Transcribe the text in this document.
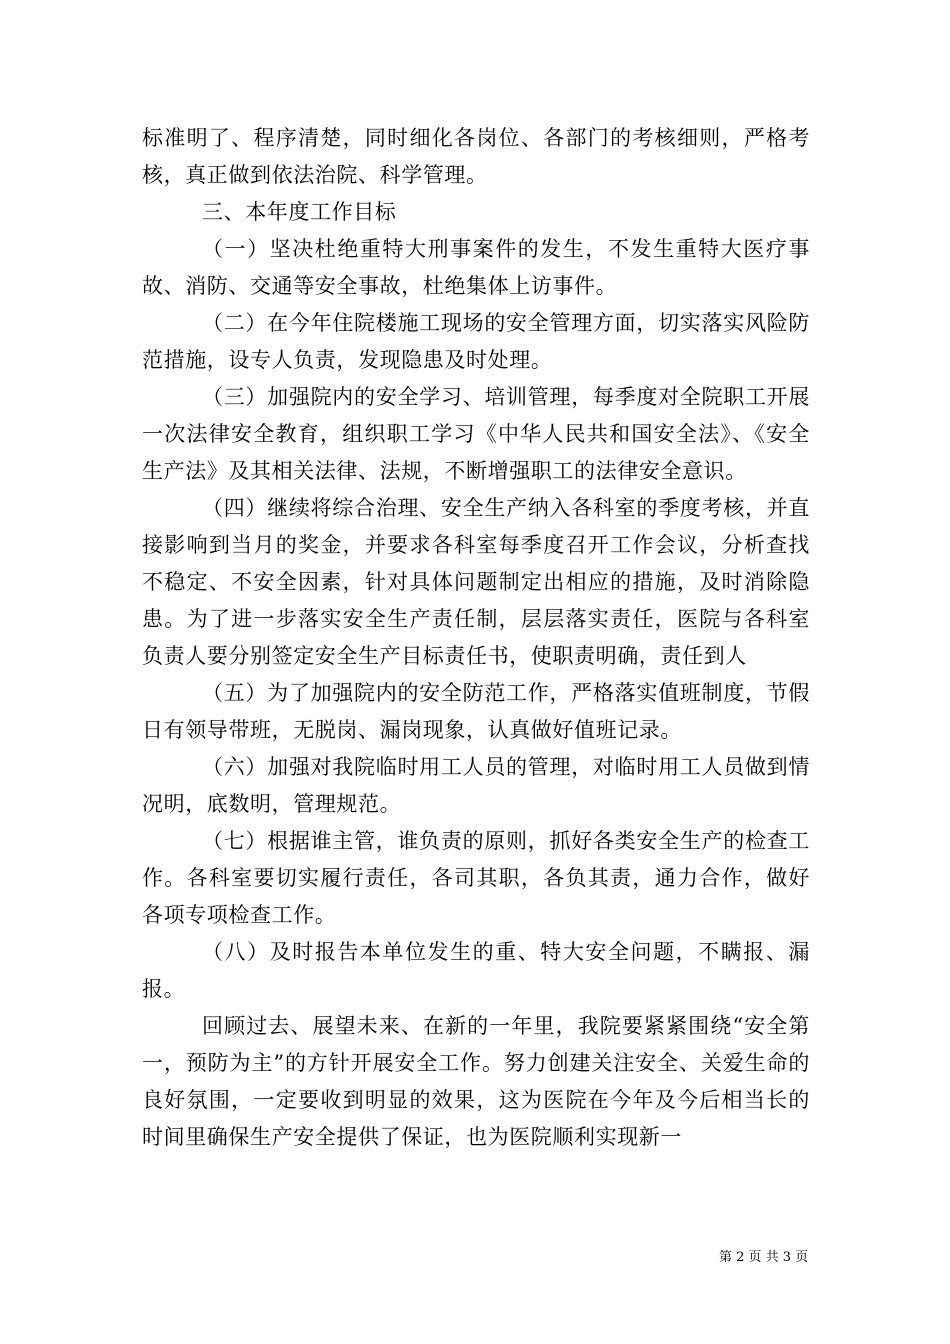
标准明了、程序清楚，同时细化各岗位、各部门的考核细则，严格考核，真正做到依法治院、科学管理。

三、本年度工作目标

（一）坚决杜绝重特大刑事案件的发生，不发生重特大医疗事故、消防、交通等安全事故，杜绝集体上访事件。

（二）在今年住院楼施工现场的安全管理方面，切实落实风险防范措施，设专人负责，发现隐患及时处理。

（三）加强院内的安全学习、培训管理，每季度对全院职工开展一次法律安全教育，组织职工学习《中华人民共和国安全法》、《安全生产法》及其相关法律、法规，不断增强职工的法律安全意识。

（四）继续将综合治理、安全生产纳入各科室的季度考核，并直接影响到当月的奖金，并要求各科室每季度召开工作会议，分析查找不稳定、不安全因素，针对具体问题制定出相应的措施，及时消除隐患。为了进一步落实安全生产责任制，层层落实责任，医院与各科室负责人要分别签定安全生产目标责任书，使职责明确，责任到人

（五）为了加强院内的安全防范工作，严格落实值班制度，节假日有领导带班，无脱岗、漏岗现象，认真做好值班记录。

（六）加强对我院临时用工人员的管理，对临时用工人员做到情况明，底数明，管理规范。

（七）根据谁主管，谁负责的原则，抓好各类安全生产的检查工作。各科室要切实履行责任，各司其职，各负其责，通力合作，做好各项专项检查工作。

（八）及时报告本单位发生的重、特大安全问题，不瞒报、漏报。

回顾过去、展望未来、在新的一年里，我院要紧紧围绕“安全第一，预防为主”的方针开展安全工作。努力创建关注安全、关爱生命的良好氛围，一定要收到明显的效果，这为医院在今年及今后相当长的时间里确保生产安全提供了保证，也为医院顺利实现新一

第 2 页 共 3 页
